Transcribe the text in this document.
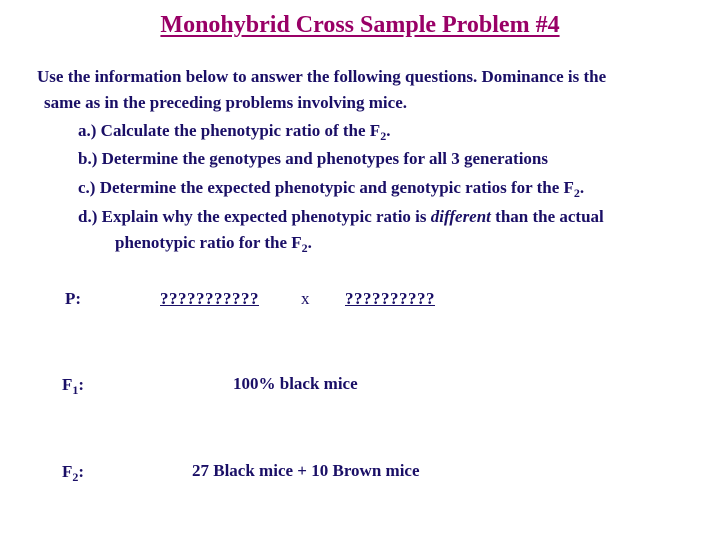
Monohybrid Cross Sample Problem #4
Use the information below to answer the following questions. Dominance is the
same as in the preceding problems involving mice.
a.) Calculate the phenotypic ratio of the $F_2$.
b.) Determine the genotypes and phenotypes for all 3 generations
c.) Determine the expected phenotypic and genotypic ratios for the $F_2$.
d.) Explain why the expected phenotypic ratio is different than the actual
phenotypic ratio for the $F_2$.
P:	??????????? x ??????????
$F_1$:	100% black mice
$F_2$:	27 Black mice + 10 Brown mice
